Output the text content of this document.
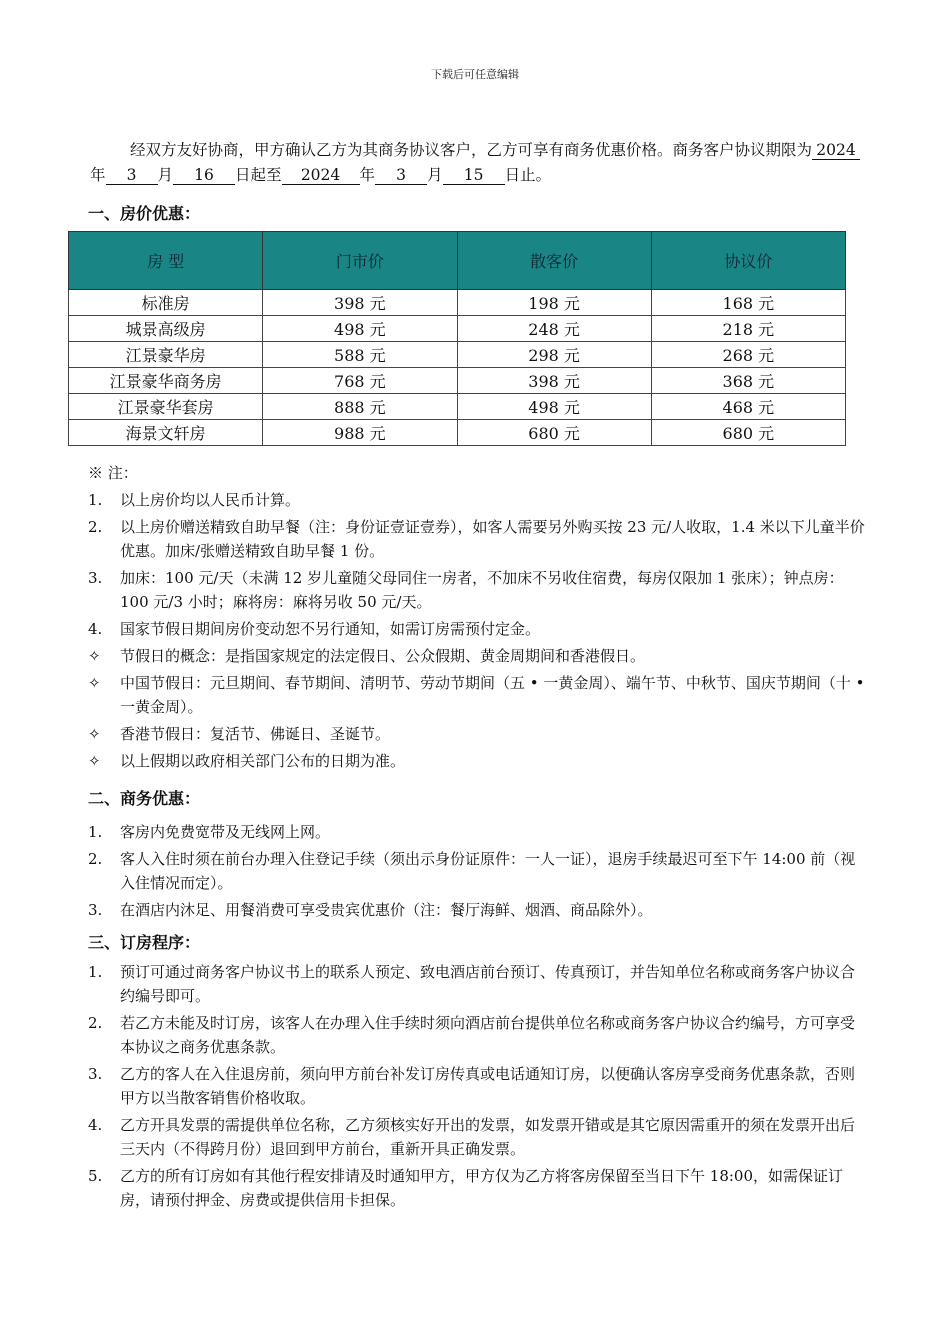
下载后可任意编辑

经双方友好协商，甲方确认乙方为其商务协议客户，乙方可享有商务优惠价格。商务客户协议期限为 2024年 3 月 16 日起至 2024 年 3 月 15 日止。

一、房价优惠：
房 型	门市价	散客价	协议价
标准房	398 元	198 元	168 元
城景高级房	498 元	248 元	218 元
江景豪华房	588 元	298 元	268 元
江景豪华商务房	768 元	398 元	368 元
江景豪华套房	888 元	498 元	468 元
海景文轩房	988 元	680 元	680 元
※ 注：
1.	以上房价均以人民币计算。
2.	以上房价赠送精致自助早餐（注：身份证壹证壹券），如客人需要另外购买按 23 元/人收取，1.4 米以下儿童半价优惠。加床/张赠送精致自助早餐 1 份。
3.	加床：100 元/天（未满 12 岁儿童随父母同住一房者，不加床不另收住宿费，每房仅限加 1 张床）；钟点房：100 元/3 小时；麻将房：麻将另收 50 元/天。
4.	国家节假日期间房价变动恕不另行通知，如需订房需预付定金。
✧	节假日的概念：是指国家规定的法定假日、公众假期、黄金周期间和香港假日。
✧	中国节假日：元旦期间、春节期间、清明节、劳动节期间（五 • 一黄金周）、端午节、中秋节、国庆节期间（十 • 一黄金周）。
✧	香港节假日：复活节、佛诞日、圣诞节。
✧	以上假期以政府相关部门公布的日期为准。
二、商务优惠：
1.	客房内免费宽带及无线网上网。
2.	客人入住时须在前台办理入住登记手续（须出示身份证原件：一人一证），退房手续最迟可至下午 14:00 前（视入住情况而定）。
3.	在酒店内沐足、用餐消费可享受贵宾优惠价（注：餐厅海鲜、烟酒、商品除外）。
三、订房程序：
1.	预订可通过商务客户协议书上的联系人预定、致电酒店前台预订、传真预订，并告知单位名称或商务客户协议合约编号即可。
2.	若乙方未能及时订房，该客人在办理入住手续时须向酒店前台提供单位名称或商务客户协议合约编号，方可享受本协议之商务优惠条款。
3.	乙方的客人在入住退房前，须向甲方前台补发订房传真或电话通知订房，以便确认客房享受商务优惠条款，否则甲方以当散客销售价格收取。
4.	乙方开具发票的需提供单位名称，乙方须核实好开出的发票，如发票开错或是其它原因需重开的须在发票开出后三天内（不得跨月份）退回到甲方前台，重新开具正确发票。
5.	乙方的所有订房如有其他行程安排请及时通知甲方，甲方仅为乙方将客房保留至当日下午 18:00，如需保证订房，请预付押金、房费或提供信用卡担保。
